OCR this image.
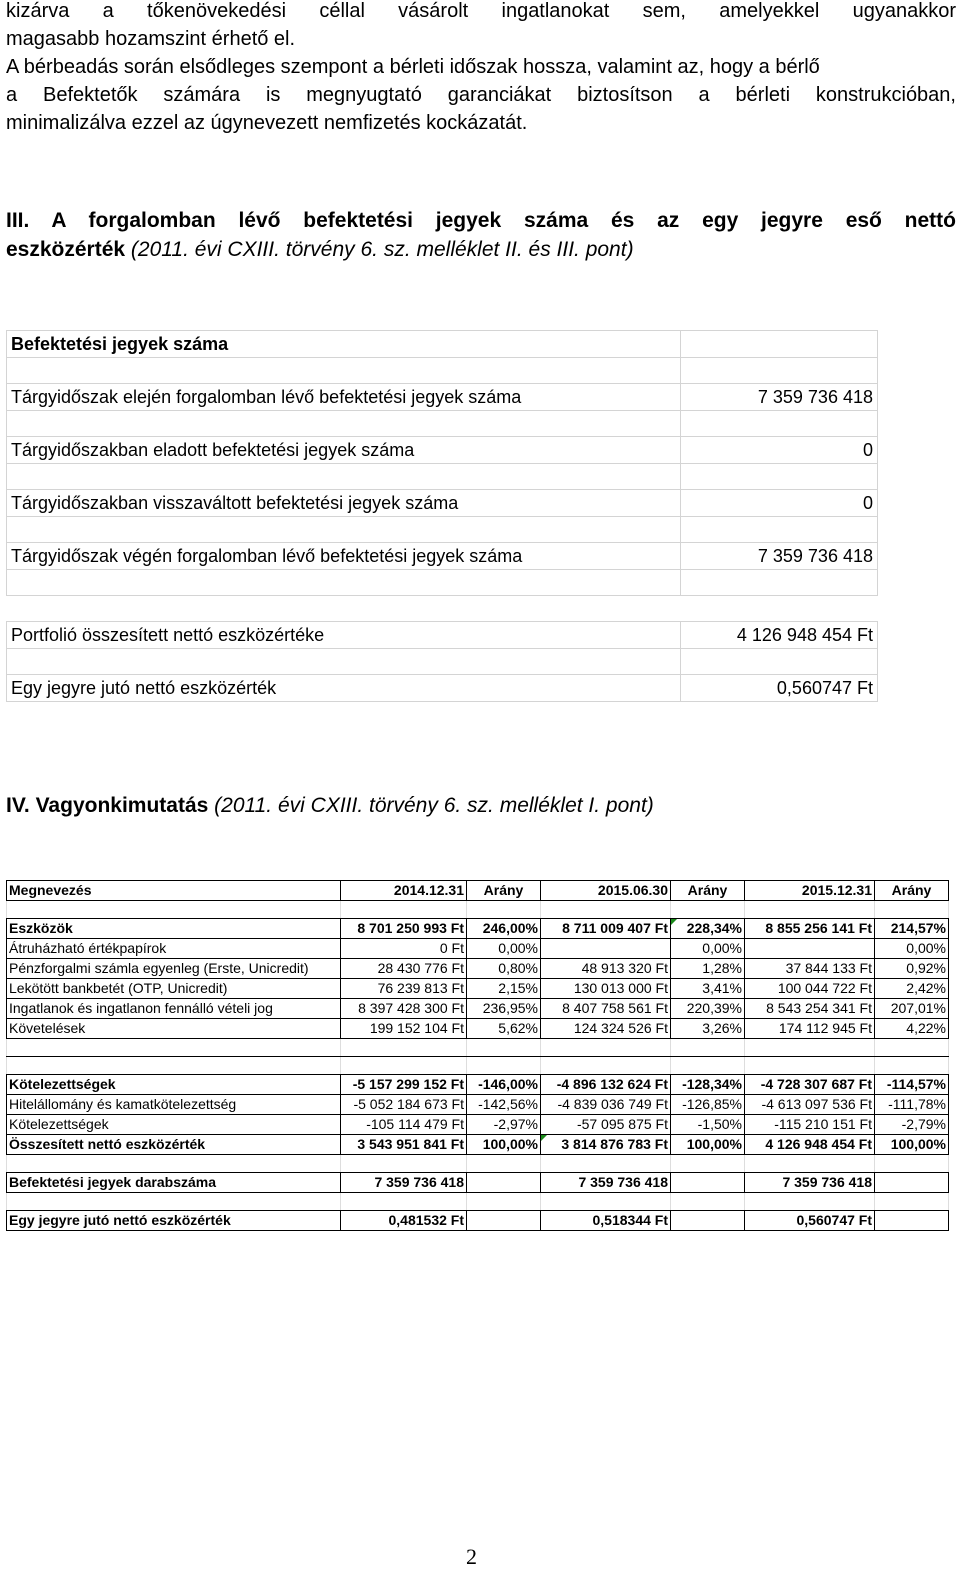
kizárva a tőkenövekedési céllal vásárolt ingatlanokat sem, amelyekkel ugyanakkor
magasabb hozamszint érhető el.
A bérbeadás során elsődleges szempont a bérleti időszak hossza, valamint az, hogy a bérlő
a Befektetők számára is megnyugtató garanciákat biztosítson a bérleti konstrukcióban,
minimalizálva ezzel az úgynevezett nemfizetés kockázatát.
III. A forgalomban lévő befektetési jegyek száma és az egy jegyre eső nettó
eszközérték (2011. évi CXIII. törvény 6. sz. melléklet II. és III. pont)
Befektetési jegyek száma	

Tárgyidőszak elején forgalomban lévő befektetési jegyek száma	7 359 736 418

Tárgyidőszakban eladott befektetési jegyek száma	0

Tárgyidőszakban visszaváltott befektetési jegyek száma	0

Tárgyidőszak végén forgalomban lévő befektetési jegyek száma	7 359 736 418

Portfolió összesített nettó eszközértéke	4 126 948 454 Ft

Egy jegyre jutó nettó eszközérték	0,560747 Ft
IV. Vagyonkimutatás (2011. évi CXIII. törvény 6. sz. melléklet I. pont)
Megnevezés	2014.12.31	Arány	2015.06.30	Arány	2015.12.31	Arány

Eszközök	8 701 250 993 Ft	246,00%	8 711 009 407 Ft	228,34%	8 855 256 141 Ft	214,57%
Átruházható értékpapírok	0 Ft	0,00%		0,00%		0,00%
Pénzforgalmi számla egyenleg (Erste, Unicredit)	28 430 776 Ft	0,80%	48 913 320 Ft	1,28%	37 844 133 Ft	0,92%
Lekötött bankbetét (OTP, Unicredit)	76 239 813 Ft	2,15%	130 013 000 Ft	3,41%	100 044 722 Ft	2,42%
Ingatlanok és ingatlanon fennálló vételi jog	8 397 428 300 Ft	236,95%	8 407 758 561 Ft	220,39%	8 543 254 341 Ft	207,01%
Követelések	199 152 104 Ft	5,62%	124 324 526 Ft	3,26%	174 112 945 Ft	4,22%

Kötelezettségek	-5 157 299 152 Ft	-146,00%	-4 896 132 624 Ft	-128,34%	-4 728 307 687 Ft	-114,57%
Hitelállomány és kamatkötelezettség	-5 052 184 673 Ft	-142,56%	-4 839 036 749 Ft	-126,85%	-4 613 097 536 Ft	-111,78%
Kötelezettségek	-105 114 479 Ft	-2,97%	-57 095 875 Ft	-1,50%	-115 210 151 Ft	-2,79%
Összesített nettó eszközérték	3 543 951 841 Ft	100,00%	3 814 876 783 Ft	100,00%	4 126 948 454 Ft	100,00%

Befektetési jegyek darabszáma	7 359 736 418		7 359 736 418		7 359 736 418	

Egy jegyre jutó nettó eszközérték	0,481532 Ft		0,518344 Ft		0,560747 Ft	
2
